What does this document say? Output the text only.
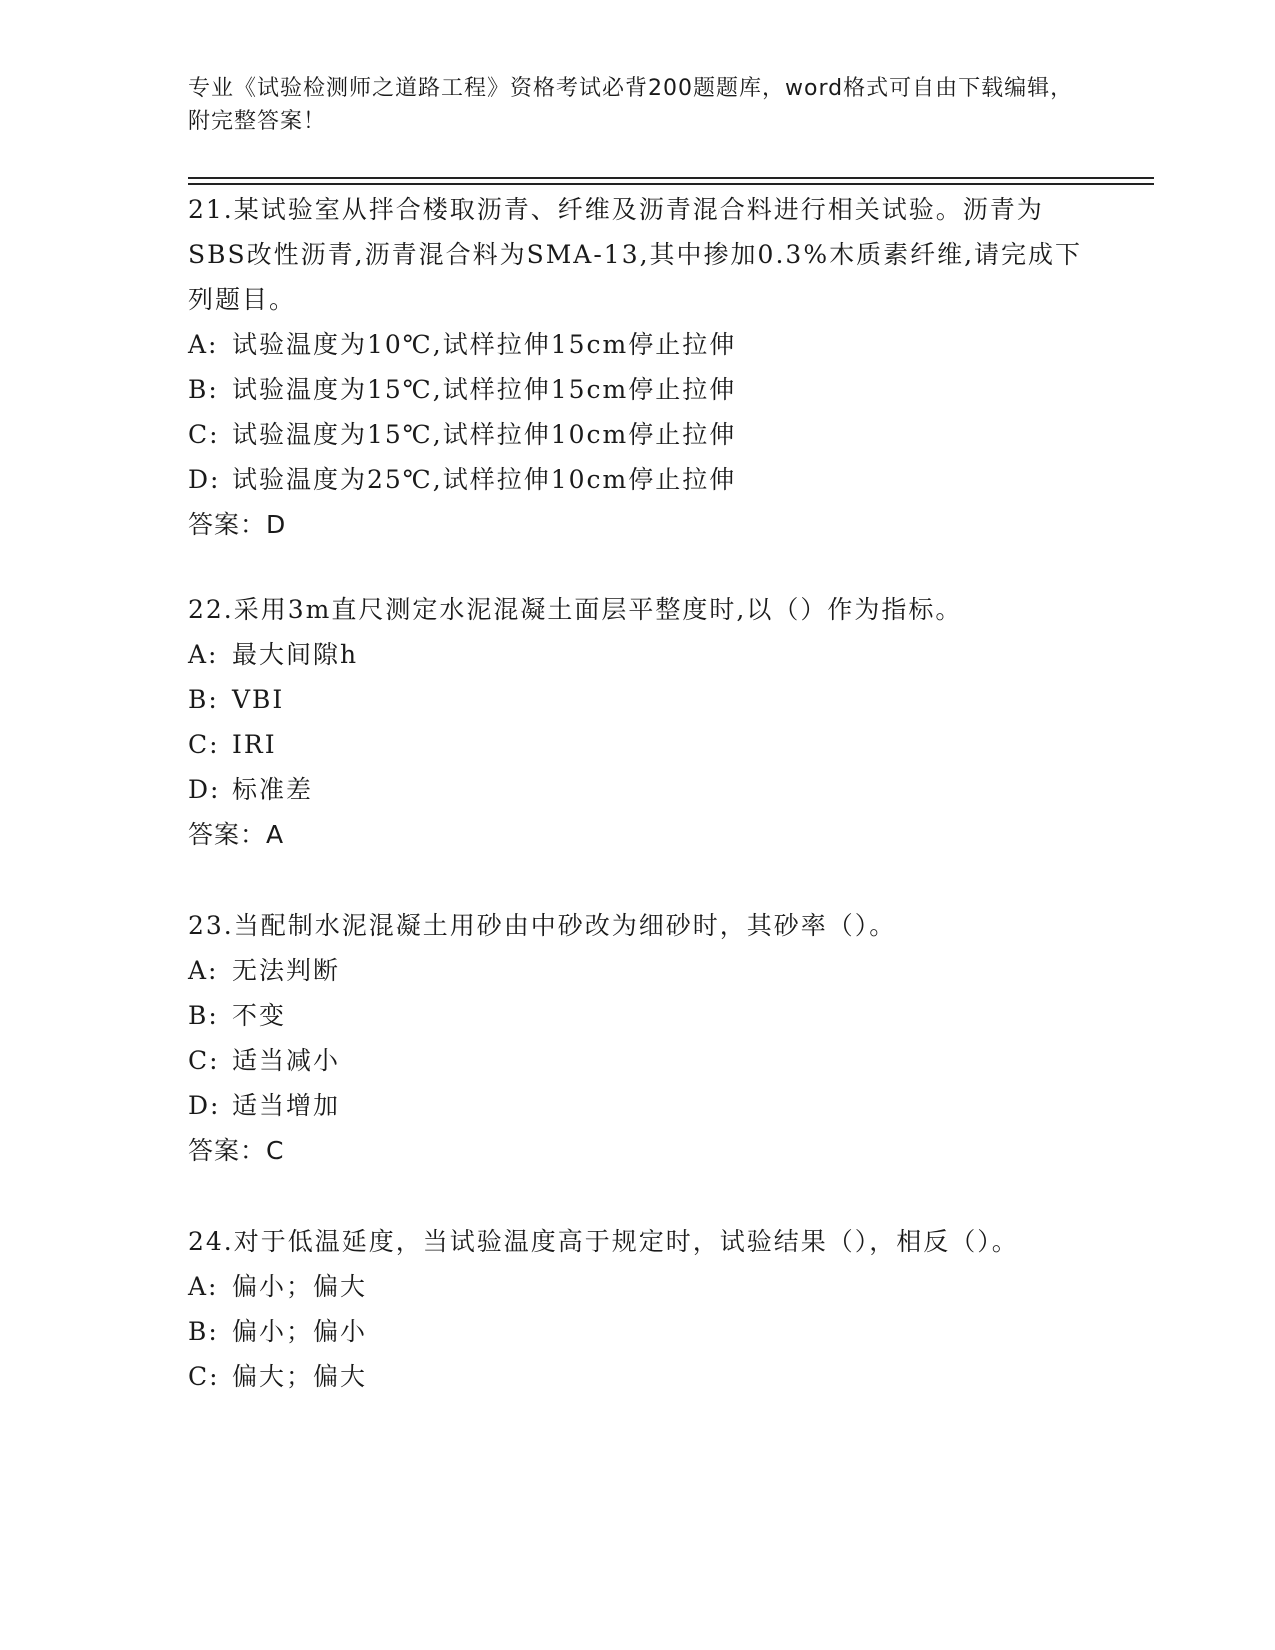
专业《试验检测师之道路工程》资格考试必背200题题库，word格式可自由下载编辑，附完整答案！
21.某试验室从拌合楼取沥青、纤维及沥青混合料进行相关试验。沥青为SBS改性沥青,沥青混合料为SMA-13,其中掺加0.3%木质素纤维,请完成下列题目。
A: 试验温度为10℃,试样拉伸15cm停止拉伸
B: 试验温度为15℃,试样拉伸15cm停止拉伸
C: 试验温度为15℃,试样拉伸10cm停止拉伸
D: 试验温度为25℃,试样拉伸10cm停止拉伸
答案：D
22.采用3m直尺测定水泥混凝土面层平整度时,以（）作为指标。
A: 最大间隙h
B: VBI
C: IRI
D: 标准差
答案：A
23.当配制水泥混凝土用砂由中砂改为细砂时，其砂率（）。
A: 无法判断
B: 不变
C: 适当减小
D: 适当增加
答案：C
24.对于低温延度，当试验温度高于规定时，试验结果（），相反（）。
A: 偏小；偏大
B: 偏小；偏小
C: 偏大；偏大
